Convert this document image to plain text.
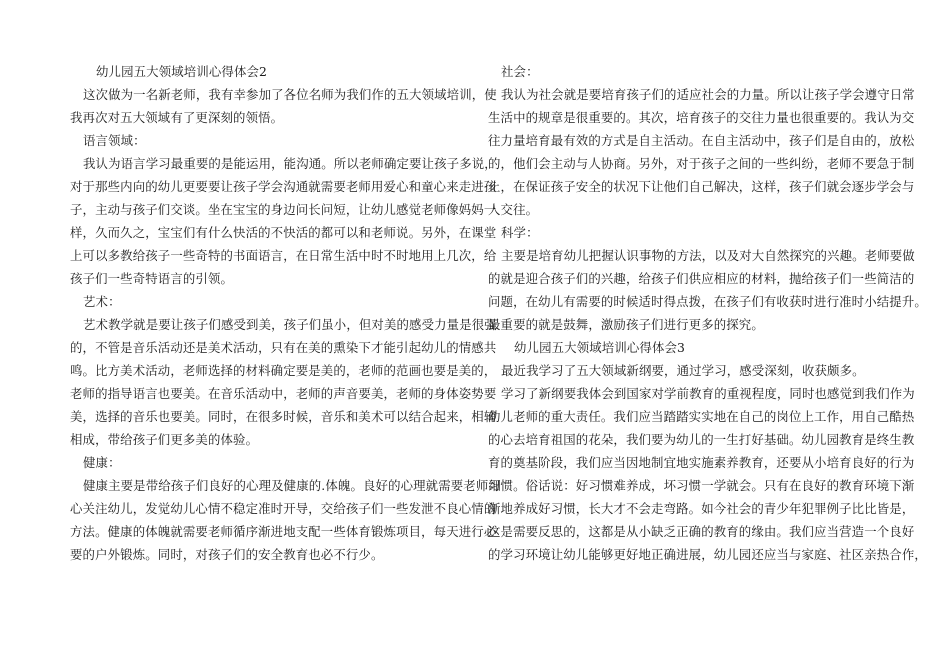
幼儿园五大领域培训心得体会2
这次做为一名新老师，我有幸参加了各位名师为我们作的五大领域培训，使
我再次对五大领域有了更深刻的领悟。
语言领域：
我认为语言学习最重要的是能运用，能沟通。所以老师确定要让孩子多说，
对于那些内向的幼儿更要要让孩子学会沟通就需要老师用爱心和童心来走进孩
子，主动与孩子们交谈。坐在宝宝的身边问长问短，让幼儿感觉老师像妈妈一
样，久而久之，宝宝们有什么快活的不快活的都可以和老师说。另外，在课堂
上可以多教给孩子一些奇特的书面语言，在日常生活中时不时地用上几次，给
孩子们一些奇特语言的引领。
艺术：
艺术教学就是要让孩子们感受到美，孩子们虽小，但对美的感受力量是很强
的，不管是音乐活动还是美术活动，只有在美的熏染下才能引起幼儿的情感共
鸣。比方美术活动，老师选择的材料确定要是美的，老师的范画也要是美的，
老师的指导语言也要美。在音乐活动中，老师的声音要美，老师的身体姿势要
美，选择的音乐也要美。同时，在很多时候，音乐和美术可以结合起来，相辅
相成，带给孩子们更多美的体验。
健康：
健康主要是带给孩子们良好的心理及健康的.体魄。良好的心理就需要老师细
心关注幼儿，发觉幼儿心情不稳定准时开导，交给孩子们一些发泄不良心情的
方法。健康的体魄就需要老师循序渐进地支配一些体育锻炼项目，每天进行必
要的户外锻炼。同时，对孩子们的安全教育也必不行少。
社会：
我认为社会就是要培育孩子们的适应社会的力量。所以让孩子学会遵守日常
生活中的规章是很重要的。其次，培育孩子的交往力量也很重要的。我认为交
往力量培育最有效的方式是自主活动。在自主活动中，孩子们是自由的，放松
的，他们会主动与人协商。另外，对于孩子之间的一些纠纷，老师不要急于制
止，在保证孩子安全的状况下让他们自己解决，这样，孩子们就会逐步学会与
人交往。
科学：
主要是培育幼儿把握认识事物的方法，以及对大自然探究的兴趣。老师要做
的就是迎合孩子们的兴趣，给孩子们供应相应的材料，抛给孩子们一些简洁的
问题，在幼儿有需要的时候适时得点拨，在孩子们有收获时进行准时小结提升。
最重要的就是鼓舞，激励孩子们进行更多的探究。
幼儿园五大领域培训心得体会3
最近我学习了五大领域新纲要，通过学习，感受深刻，收获颇多。
学习了新纲要我体会到国家对学前教育的重视程度，同时也感觉到我们作为
幼儿老师的重大责任。我们应当踏踏实实地在自己的岗位上工作，用自己酷热
的心去培育祖国的花朵，我们要为幼儿的一生打好基础。幼儿园教育是终生教
育的奠基阶段，我们应当因地制宜地实施素养教育，还要从小培育良好的行为
习惯。俗话说：好习惯难养成，坏习惯一学就会。只有在良好的教育环境下渐
渐地养成好习惯，长大才不会走弯路。如今社会的青少年犯罪例子比比皆是，
这是需要反思的，这都是从小缺乏正确的教育的缘由。我们应当营造一个良好
的学习环境让幼儿能够更好地正确进展，幼儿园还应当与家庭、社区亲热合作，
